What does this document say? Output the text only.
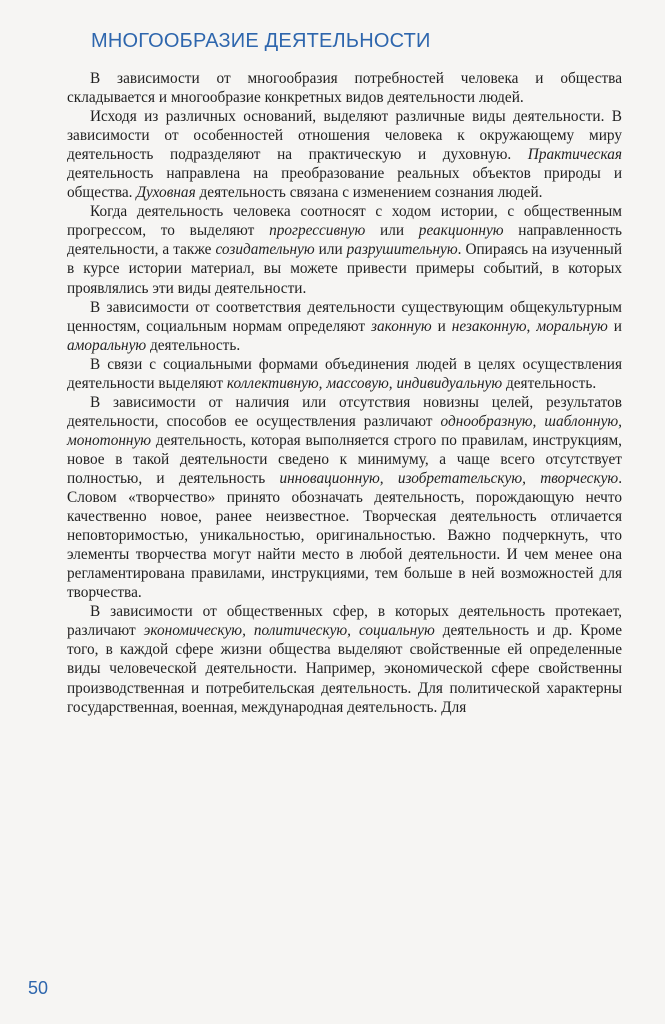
МНОГООБРАЗИЕ ДЕЯТЕЛЬНОСТИ

В зависимости от многообразия потребностей человека и общества складывается и многообразие конкретных видов деятельности людей.

Исходя из различных оснований, выделяют различные виды деятельности. В зависимости от особенностей отношения человека к окружающему миру деятельность подразделяют на практическую и духовную. Практическая деятельность направлена на преобразование реальных объектов природы и общества. Духовная деятельность связана с изменением сознания людей.

Когда деятельность человека соотносят с ходом истории, с общественным прогрессом, то выделяют прогрессивную или реакционную направленность деятельности, а также созидательную или разрушительную. Опираясь на изученный в курсе истории материал, вы можете привести примеры событий, в которых проявлялись эти виды деятельности.

В зависимости от соответствия деятельности существующим общекультурным ценностям, социальным нормам определяют законную и незаконную, моральную и аморальную деятельность.

В связи с социальными формами объединения людей в целях осуществления деятельности выделяют коллективную, массовую, индивидуальную деятельность.

В зависимости от наличия или отсутствия новизны целей, результатов деятельности, способов ее осуществления различают однообразную, шаблонную, монотонную деятельность, которая выполняется строго по правилам, инструкциям, новое в такой деятельности сведено к минимуму, а чаще всего отсутствует полностью, и деятельность инновационную, изобретательскую, творческую. Словом «творчество» принято обозначать деятельность, порождающую нечто качественно новое, ранее неизвестное. Творческая деятельность отличается неповторимостью, уникальностью, оригинальностью. Важно подчеркнуть, что элементы творчества могут найти место в любой деятельности. И чем менее она регламентирована правилами, инструкциями, тем больше в ней возможностей для творчества.

В зависимости от общественных сфер, в которых деятельность протекает, различают экономическую, политическую, социальную деятельность и др. Кроме того, в каждой сфере жизни общества выделяют свойственные ей определенные виды человеческой деятельности. Например, экономической сфере свойственны производственная и потребительская деятельность. Для политической характерны государственная, военная, международная деятельность. Для

50
